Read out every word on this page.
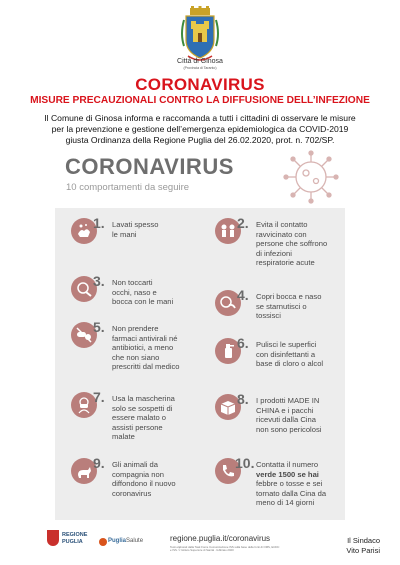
Città di Ginosa
(Provincia di Taranto)
CORONAVIRUS
MISURE PRECAUZIONALI CONTRO LA DIFFUSIONE DELL’INFEZIONE
Il Comune di Ginosa informa e raccomanda a tutti i cittadini di osservare le misure
per la prevenzione e gestione dell’emergenza epidemiologica da COVID-2019
giusta Ordinanza della Regione Puglia del 26.02.2020, prot. n. 702/SP.
CORONAVIRUS
10 comportamenti da seguire
1. Lavati spesso
le mani
2. Evita il contatto
ravvicinato con
persone che soffrono
di infezioni
respiratorie acute
3. Non toccarti
occhi, naso e
bocca con le mani	4. Copri bocca e naso
se starnutisci o
tossisci
5. Non prendere
farmaci antivirali né
antibiotici, a meno
che non siano
prescritti dal medico
6. Pulisci le superfici
con disinfettanti a
base di cloro o alcol
7. Usa la mascherina
solo se sospetti di
essere malato o
assisti persone
malate
8. I prodotti MADE IN
CHINA e i pacchi
ricevuti dalla Cina
non sono pericolosi
9. Gli animali da
compagnia non
diffondono il nuovo
coronavirus
10. Contatta il numero
verde 1500 se hai
febbre o tosse e sei
tornato dalla Cina da
meno di 14 giorni
REGIONE
PUGLIA	PugliaSalute	regione.puglia.it/coronavirus
Testi elaborati dalla Task Force Comunicazione ISS sulla base delle fonti di OMS, ECDC e ISS. © Istituto Superiore di Sanità · febbraio 2020
Il Sindaco
Vito Parisi
